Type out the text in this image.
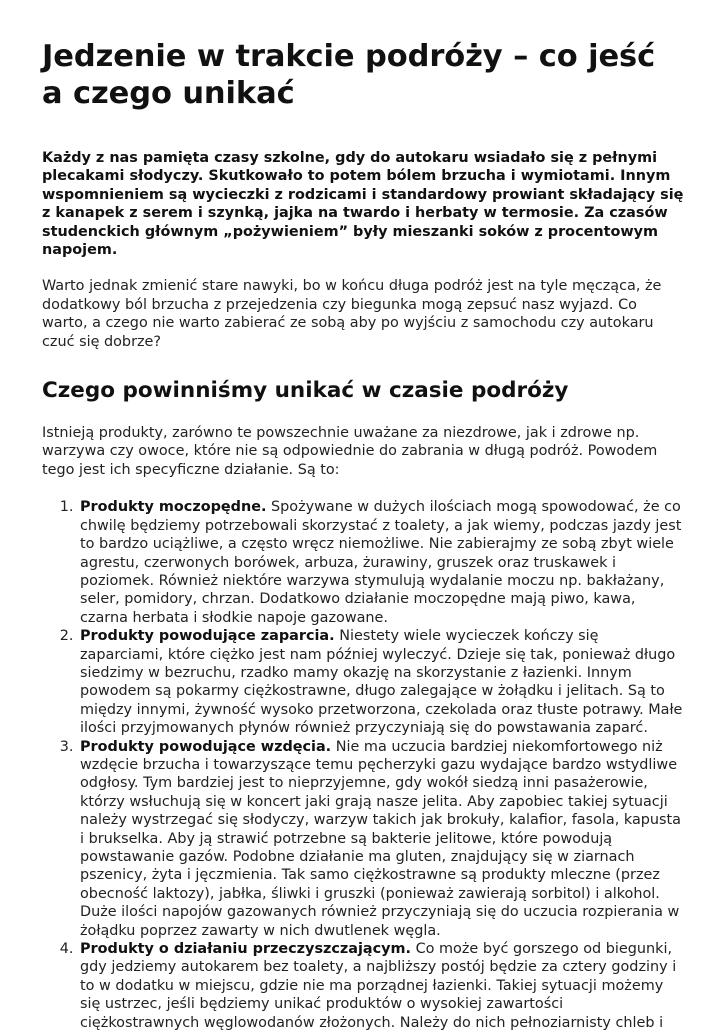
Jedzenie w trakcie podróży – co jeść a czego unikać

Każdy z nas pamięta czasy szkolne, gdy do autokaru wsiadało się z pełnymi plecakami słodyczy. Skutkowało to potem bólem brzucha i wymiotami. Innym wspomnieniem są wycieczki z rodzicami i standardowy prowiant składający się z kanapek z serem i szynką, jajka na twardo i herbaty w termosie. Za czasów studenckich głównym „pożywieniem” były mieszanki soków z procentowym napojem.

Warto jednak zmienić stare nawyki, bo w końcu długa podróż jest na tyle męcząca, że dodatkowy ból brzucha z przejedzenia czy biegunka mogą zepsuć nasz wyjazd. Co warto, a czego nie warto zabierać ze sobą aby po wyjściu z samochodu czy autokaru czuć się dobrze?

Czego powinniśmy unikać w czasie podróży

Istnieją produkty, zarówno te powszechnie uważane za niezdrowe, jak i zdrowe np. warzywa czy owoce, które nie są odpowiednie do zabrania w długą podróż. Powodem tego jest ich specyficzne działanie. Są to:

1. Produkty moczopędne. Spożywane w dużych ilościach mogą spowodować, że co chwilę będziemy potrzebowali skorzystać z toalety, a jak wiemy, podczas jazdy jest to bardzo uciążliwe, a często wręcz niemożliwe. Nie zabierajmy ze sobą zbyt wiele agrestu, czerwonych borówek, arbuza, żurawiny, gruszek oraz truskawek i poziomek. Również niektóre warzywa stymulują wydalanie moczu np. bakłażany, seler, pomidory, chrzan. Dodatkowo działanie moczopędne mają piwo, kawa, czarna herbata i słodkie napoje gazowane.
2. Produkty powodujące zaparcia. Niestety wiele wycieczek kończy się zaparciami, które ciężko jest nam później wyleczyć. Dzieje się tak, ponieważ długo siedzimy w bezruchu, rzadko mamy okazję na skorzystanie z łazienki. Innym powodem są pokarmy ciężkostrawne, długo zalegające w żołądku i jelitach. Są to między innymi, żywność wysoko przetworzona, czekolada oraz tłuste potrawy. Małe ilości przyjmowanych płynów również przyczyniają się do powstawania zaparć.
3. Produkty powodujące wzdęcia. Nie ma uczucia bardziej niekomfortowego niż wzdęcie brzucha i towarzyszące temu pęcherzyki gazu wydające bardzo wstydliwe odgłosy. Tym bardziej jest to nieprzyjemne, gdy wokół siedzą inni pasażerowie, którzy wsłuchują się w koncert jaki grają nasze jelita. Aby zapobiec takiej sytuacji należy wystrzegać się słodyczy, warzyw takich jak brokuły, kalafior, fasola, kapusta i brukselka. Aby ją strawić potrzebne są bakterie jelitowe, które powodują powstawanie gazów. Podobne działanie ma gluten, znajdujący się w ziarnach pszenicy, żyta i jęczmienia. Tak samo ciężkostrawne są produkty mleczne (przez obecność laktozy), jabłka, śliwki i gruszki (ponieważ zawierają sorbitol) i alkohol. Duże ilości napojów gazowanych również przyczyniają się do uczucia rozpierania w żołądku poprzez zawarty w nich dwutlenek węgla.
4. Produkty o działaniu przeczyszczającym. Co może być gorszego od biegunki, gdy jedziemy autokarem bez toalety, a najbliższy postój będzie za cztery godziny i to w dodatku w miejscu, gdzie nie ma porządnej łazienki. Takiej sytuacji możemy się ustrzec, jeśli będziemy unikać produktów o wysokiej zawartości ciężkostrawnych węglowodanów złożonych. Należy do nich pełnoziarnisty chleb i
